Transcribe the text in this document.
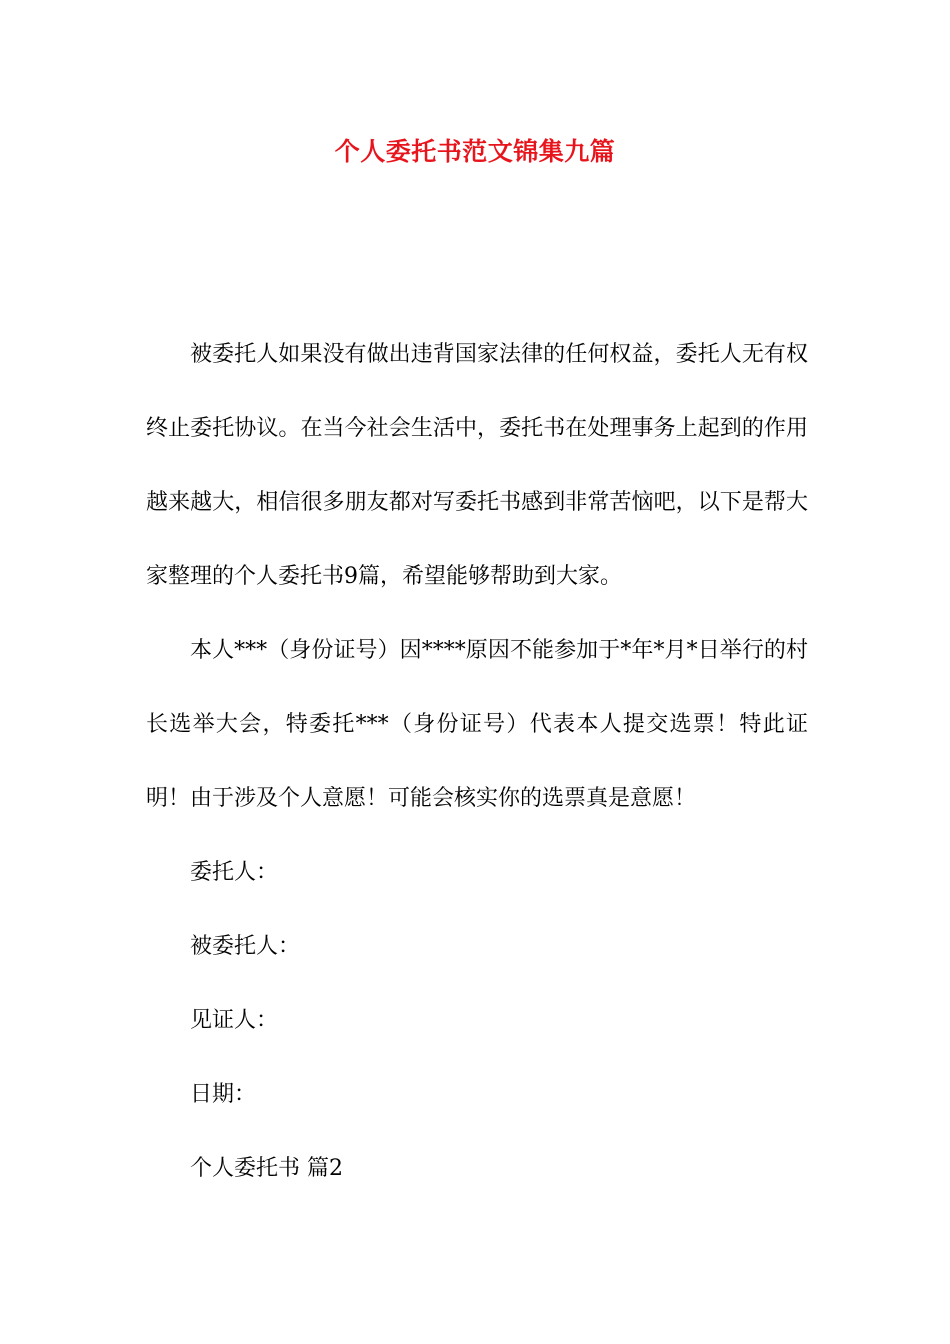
个人委托书范文锦集九篇

被委托人如果没有做出违背国家法律的任何权益，委托人无有权终止委托协议。在当今社会生活中，委托书在处理事务上起到的作用越来越大，相信很多朋友都对写委托书感到非常苦恼吧，以下是帮大家整理的个人委托书9篇，希望能够帮助到大家。

本人***（身份证号）因****原因不能参加于*年*月*日举行的村长选举大会，特委托***（身份证号）代表本人提交选票！特此证明！由于涉及个人意愿！可能会核实你的选票真是意愿！

委托人：

被委托人：

见证人：

日期：

个人委托书 篇2
